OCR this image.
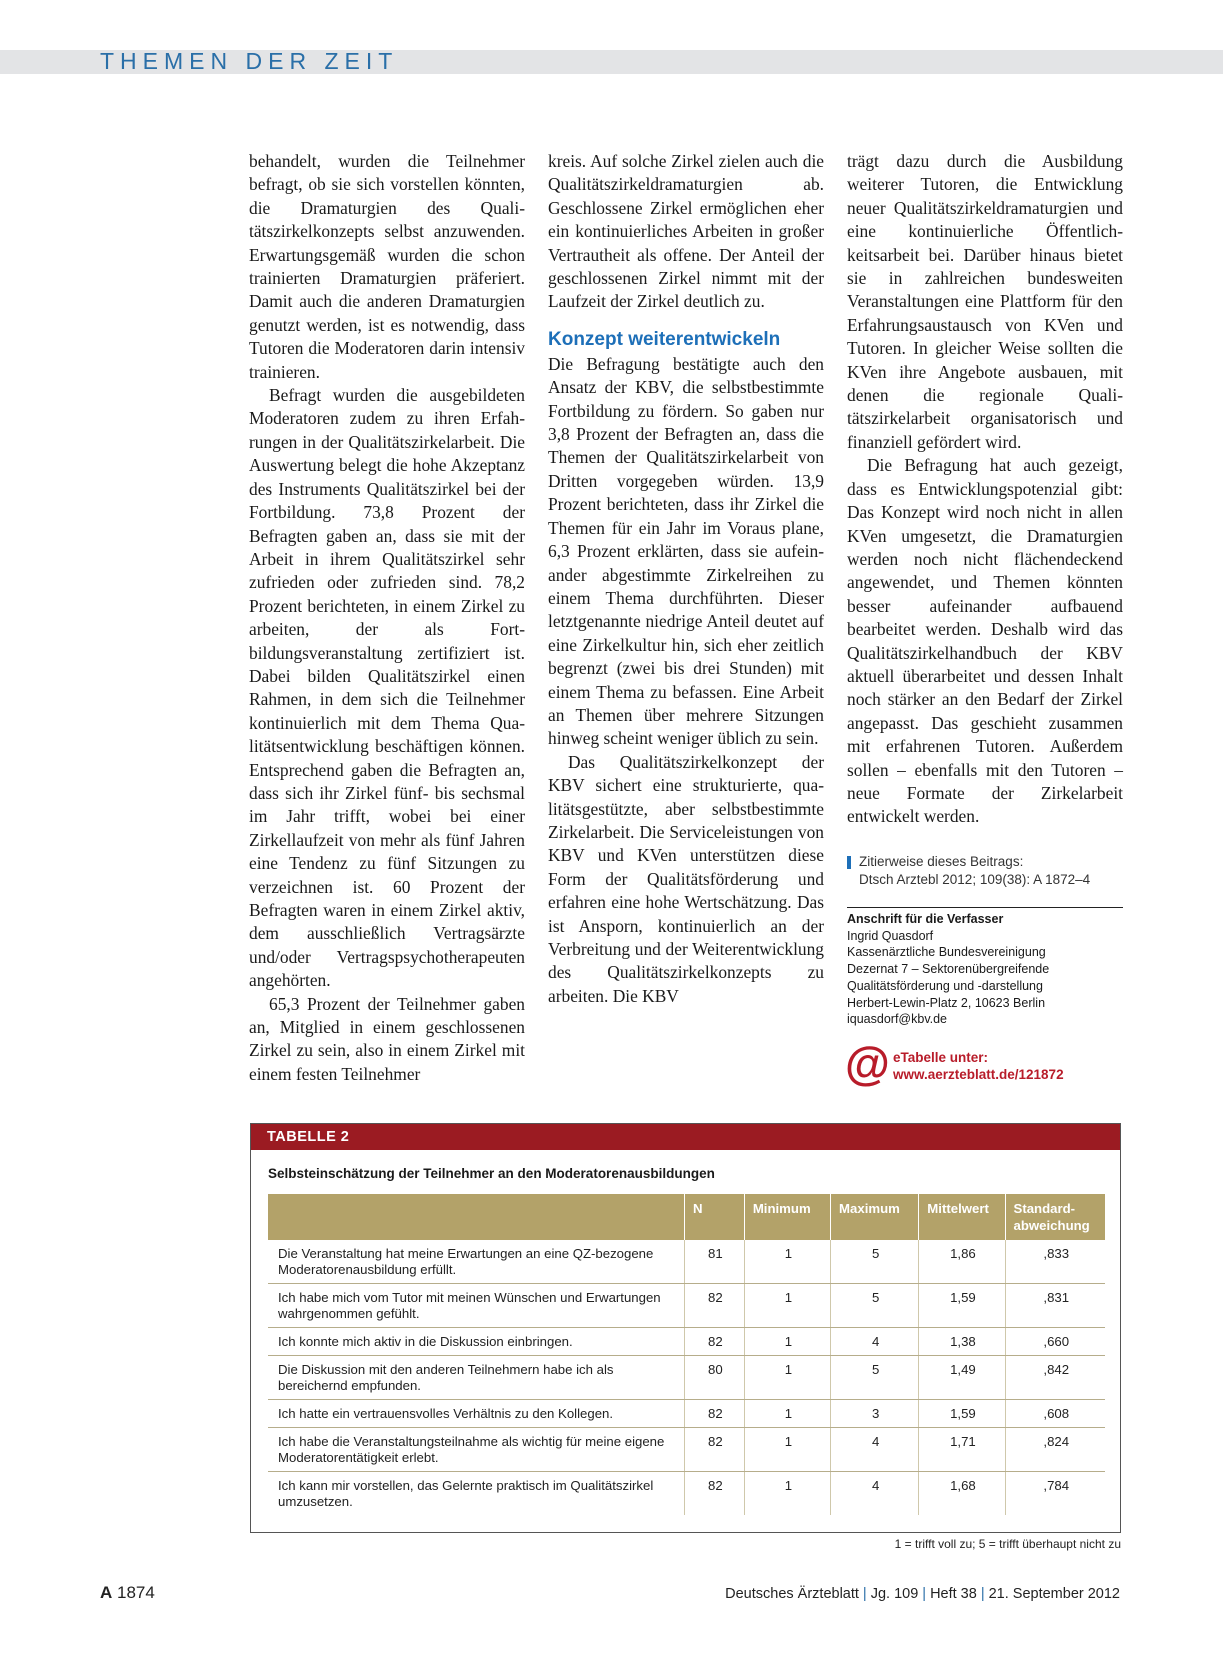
THEMEN DER ZEIT

behandelt, wurden die Teilnehmer befragt, ob sie sich vorstellen könnten, die Dramaturgien des Qualitätszirkelkonzepts selbst anzuwenden. Erwartungsgemäß wurden die schon trainierten Dramaturgien präferiert. Damit auch die anderen Dramaturgien genutzt werden, ist es notwendig, dass Tutoren die Moderatoren darin intensiv trainieren.

Befragt wurden die ausgebildeten Moderatoren zudem zu ihren Erfahrungen in der Qualitätszirkelarbeit. Die Auswertung belegt die hohe Akzeptanz des Instruments Qualitätszirkel bei der Fortbildung. 73,8 Prozent der Befragten gaben an, dass sie mit der Arbeit in ihrem Qualitätszirkel sehr zufrieden oder zufrieden sind. 78,2 Prozent berichteten, in einem Zirkel zu arbeiten, der als Fortbildungsveranstaltung zertifiziert ist. Dabei bilden Qualitätszirkel einen Rahmen, in dem sich die Teilnehmer kontinuierlich mit dem Thema Qualitätsentwicklung beschäftigen können. Entsprechend gaben die Befragten an, dass sich ihr Zirkel fünf- bis sechsmal im Jahr trifft, wobei bei einer Zirkellaufzeit von mehr als fünf Jahren eine Tendenz zu fünf Sitzungen zu verzeichnen ist. 60 Prozent der Befragten waren in einem Zirkel aktiv, dem ausschließlich Vertragsärzte und/oder Vertragspsychotherapeuten angehörten.

65,3 Prozent der Teilnehmer gaben an, Mitglied in einem geschlossenen Zirkel zu sein, also in einem Zirkel mit einem festen Teilnehmer

kreis. Auf solche Zirkel zielen auch die Qualitätszirkeldramaturgien ab. Geschlossene Zirkel ermöglichen eher ein kontinuierliches Arbeiten in großer Vertrautheit als offene. Der Anteil der geschlossenen Zirkel nimmt mit der Laufzeit der Zirkel deutlich zu.

Konzept weiterentwickeln

Die Befragung bestätigte auch den Ansatz der KBV, die selbstbestimmte Fortbildung zu fördern. So gaben nur 3,8 Prozent der Befragten an, dass die Themen der Qualitätszirkelarbeit von Dritten vorgegeben würden. 13,9 Prozent berichteten, dass ihr Zirkel die Themen für ein Jahr im Voraus plane, 6,3 Prozent erklärten, dass sie aufeinander abgestimmte Zirkelreihen zu einem Thema durchführten. Dieser letztgenannte niedrige Anteil deutet auf eine Zirkelkultur hin, sich eher zeitlich begrenzt (zwei bis drei Stunden) mit einem Thema zu befassen. Eine Arbeit an Themen über mehrere Sitzungen hinweg scheint weniger üblich zu sein.

Das Qualitätszirkelkonzept der KBV sichert eine strukturierte, qualitätsgestützte, aber selbstbestimmte Zirkelarbeit. Die Serviceleistungen von KBV und KVen unterstützen diese Form der Qualitätsförderung und erfahren eine hohe Wertschätzung. Das ist Ansporn, kontinuierlich an der Verbreitung und der Weiterentwicklung des Qualitätszirkelkonzepts zu arbeiten. Die KBV

trägt dazu durch die Ausbildung weiterer Tutoren, die Entwicklung neuer Qualitätszirkeldramaturgien und eine kontinuierliche Öffentlichkeitsarbeit bei. Darüber hinaus bietet sie in zahlreichen bundesweiten Veranstaltungen eine Plattform für den Erfahrungsaustausch von KVen und Tutoren. In gleicher Weise sollten die KVen ihre Angebote ausbauen, mit denen die regionale Qualitätszirkelarbeit organisatorisch und finanziell gefördert wird.

Die Befragung hat auch gezeigt, dass es Entwicklungspotenzial gibt: Das Konzept wird noch nicht in allen KVen umgesetzt, die Dramaturgien werden noch nicht flächendeckend angewendet, und Themen könnten besser aufeinander aufbauend bearbeitet werden. Deshalb wird das Qualitätszirkelhandbuch der KBV aktuell überarbeitet und dessen Inhalt noch stärker an den Bedarf der Zirkel angepasst. Das geschieht zusammen mit erfahrenen Tutoren. Außerdem sollen – ebenfalls mit den Tutoren – neue Formate der Zirkelarbeit entwickelt werden.

Zitierweise dieses Beitrags:
Dtsch Arztebl 2012; 109(38): A 1872–4
Anschrift für die Verfasser
Ingrid Quasdorf
Kassenärztliche Bundesvereinigung
Dezernat 7 – Sektorenübergreifende
Qualitätsförderung und -darstellung
Herbert-Lewin-Platz 2, 10623 Berlin
iquasdorf@kbv.de
@ eTabelle unter:
www.aerzteblatt.de/121872
TABELLE 2
Selbsteinschätzung der Teilnehmer an den Moderatorenausbildungen
	N	Minimum	Maximum	Mittelwert	Standard-
abweichung
Die Veranstaltung hat meine Erwartungen an eine QZ-bezogene Moderatorenausbildung erfüllt.	81	1	5	1,86	,833
Ich habe mich vom Tutor mit meinen Wünschen und Erwartungen wahrgenommen gefühlt.	82	1	5	1,59	,831
Ich konnte mich aktiv in die Diskussion einbringen.	82	1	4	1,38	,660
Die Diskussion mit den anderen Teilnehmern habe ich als bereichernd empfunden.	80	1	5	1,49	,842
Ich hatte ein vertrauensvolles Verhältnis zu den Kollegen.	82	1	3	1,59	,608
Ich habe die Veranstaltungsteilnahme als wichtig für meine eigene Moderatorentätigkeit erlebt.	82	1	4	1,71	,824
Ich kann mir vorstellen, das Gelernte praktisch im Qualitätszirkel umzusetzen.	82	1	4	1,68	,784
1 = trifft voll zu; 5 = trifft überhaupt nicht zu
A 1874	Deutsches Ärzteblatt | Jg. 109 | Heft 38 | 21. September 2012
